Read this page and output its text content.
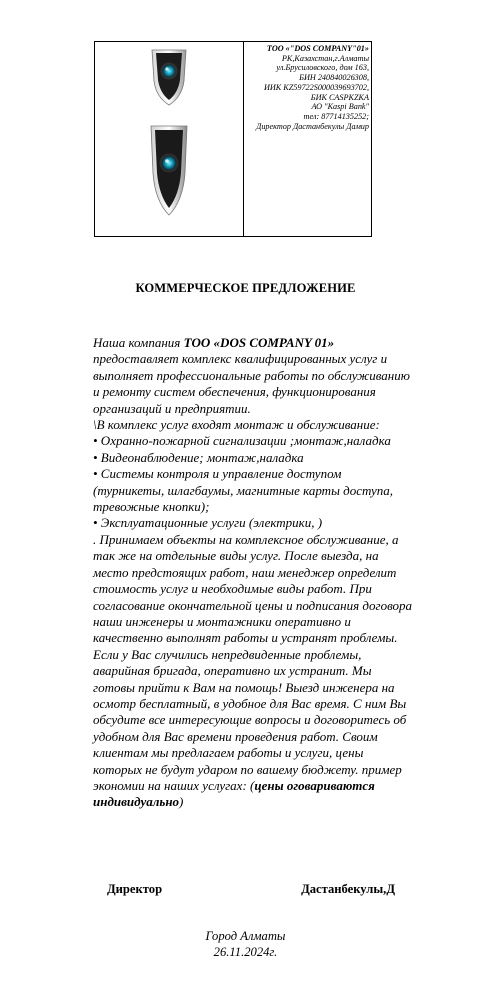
ТОО «"DOS COMPANY"01»
РК,Казахстан,г.Алматы
ул.Брусиловского, дом 163,
БИН 240840026308,
ИИК KZ59722S000039693702,
БИК CASPKZKA
АО "Kaspi Bank"
тел: 87714135252;
Директор Дастанбекулы Дамир
КОММЕРЧЕСКОЕ ПРЕДЛОЖЕНИЕ

Наша компания ТОО «DOS COMPANY 01» предоставляет комплекс квалифицированных услуг и выполняет профессиональные работы по обслуживанию и ремонту систем обеспечения, функционирования организаций и предприятии.

\В комплекс услуг входят монтаж и обслуживание:

• Охранно-пожарной сигнализации ;монтаж,наладка

• Видеонаблюдение; монтаж,наладка

• Системы контроля и управление доступом (турникеты, шлагбаумы, магнитные карты доступа, тревожные кнопки);

• Эксплуатационные услуги (электрики, )

. Принимаем объекты на комплексное обслуживание, а так же на отдельные виды услуг. После выезда, на место предстоящих работ, наш менеджер определит стоимость услуг и необходимые виды работ. При согласование окончательной цены и подписания договора наши инженеры и монтажники оперативно и качественно выполнят работы и устранят проблемы. Если у Вас случились непредвиденные проблемы, аварийная бригада, оперативно их устранит. Мы готовы прийти к Вам на помощь! Выезд инженера на осмотр бесплатный, в удобное для Вас время. С ним Вы обсудите все интересующие вопросы и договоритесь об удобном для Вас времени проведения работ. Своим клиентам мы предлагаем работы и услуги, цены которых не будут ударом по вашему бюджету. пример экономии на наших услугах: (цены оговариваются индивидуально)

Директор	Дастанбекулы,Д
Город Алматы
26.11.2024г.
